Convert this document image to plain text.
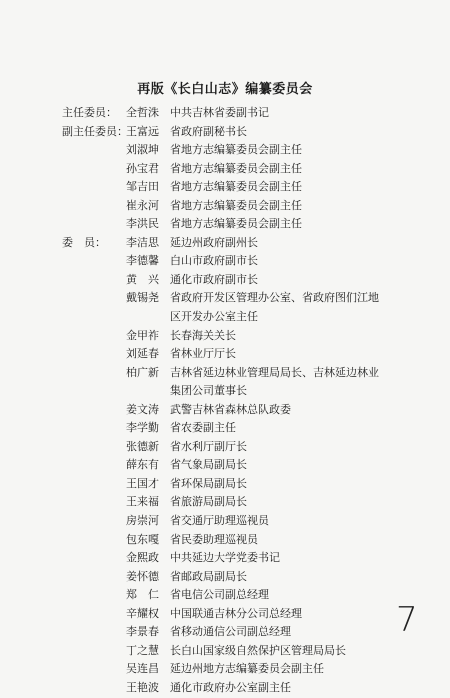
再版《长白山志》编纂委员会
主任委员： 全哲洙 中共吉林省委副书记
副主任委员：
王富远 省政府副秘书长
刘淑坤 省地方志编纂委员会副主任
孙宝君 省地方志编纂委员会副主任
邹吉田 省地方志编纂委员会副主任
崔永河 省地方志编纂委员会副主任
李洪民 省地方志编纂委员会副主任
委　员： 李洁思 延边州政府副州长
李德馨 白山市政府副市长
黄　兴 通化市政府副市长
戴锡尧 省政府开发区管理办公室、省政府图们江地
区开发办公室主任
金甲祚 长春海关关长
刘延春 省林业厅厅长
柏广新 吉林省延边林业管理局局长、吉林延边林业
集团公司董事长
姜文涛 武警吉林省森林总队政委
李学勤 省农委副主任
张德新 省水利厅副厅长
薛东有 省气象局副局长
王国才 省环保局副局长
王来福 省旅游局副局长
房崇河 省交通厅助理巡视员
包东嘎 省民委助理巡视员
金熙政 中共延边大学党委书记
姜怀德 省邮政局副局长
郑　仁 省电信公司副总经理
辛耀权 中国联通吉林分公司总经理
李景春 省移动通信公司副总经理
丁之慧 长白山国家级自然保护区管理局局长
吴连昌 延边州地方志编纂委员会副主任
王艳波 通化市政府办公室副主任
7
